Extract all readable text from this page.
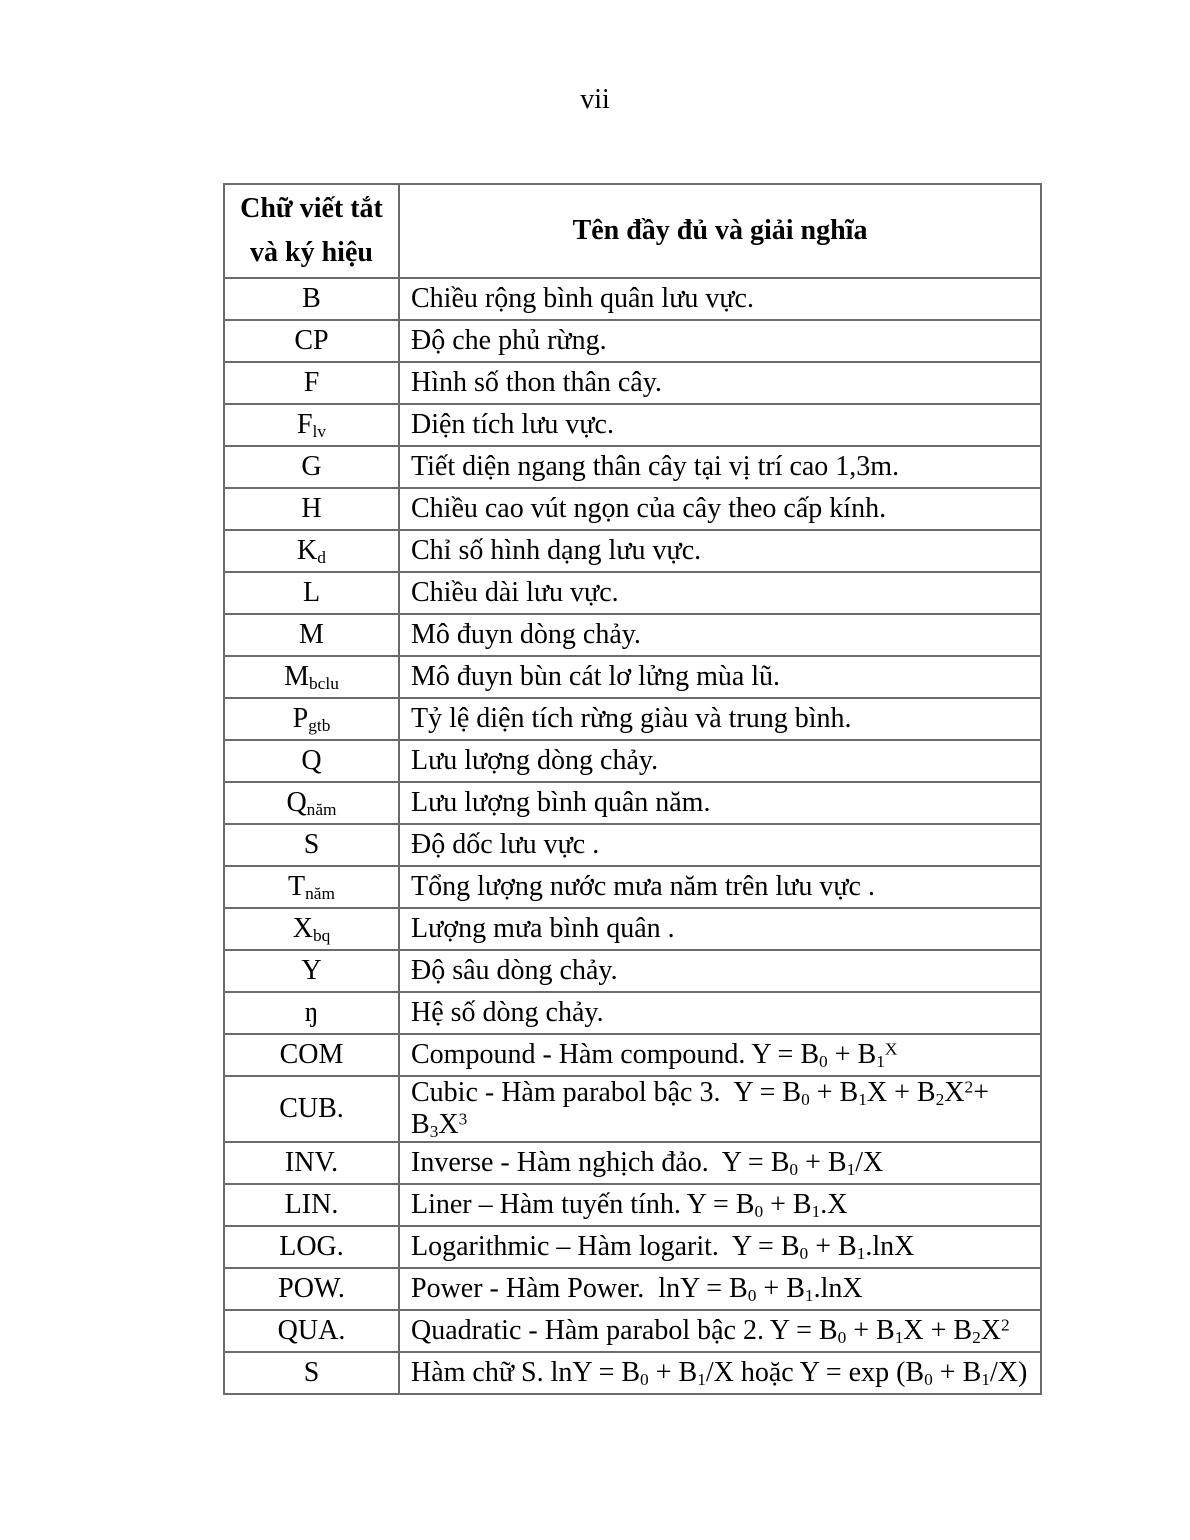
vii
Chữ viết tắt
và ký hiệu	Tên đầy đủ và giải nghĩa
B	Chiều rộng bình quân lưu vực.
CP	Độ che phủ rừng.
F	Hình số thon thân cây.
$F_{lv}$	Diện tích lưu vực.
G	Tiết diện ngang thân cây tại vị trí cao 1,3m.
H	Chiều cao vút ngọn của cây theo cấp kính.
$K_d$	Chỉ số hình dạng lưu vực.
L	Chiều dài lưu vực.
M	Mô đuyn dòng chảy.
$M_{bclu}$	Mô đuyn bùn cát lơ lửng mùa lũ.
$P_{gtb}$	Tỷ lệ diện tích rừng giàu và trung bình.
Q	Lưu lượng dòng chảy.
$Q_{năm}$	Lưu lượng bình quân năm.
S	Độ dốc lưu vực .
$T_{năm}$	Tổng lượng nước mưa năm trên lưu vực .
$X_{bq}$	Lượng mưa bình quân .
Y	Độ sâu dòng chảy.
ŋ	Hệ số dòng chảy.
COM	Compound - Hàm compound. $Y = B_0 + B_1^X$
CUB.	Cubic - Hàm parabol bậc 3.  $Y = B_0 + B_1X + B_2X^2+ B_3X^3$
INV.	Inverse - Hàm nghịch đảo.  $Y = B_0 + B_1/X$
LIN.	Liner – Hàm tuyến tính. $Y = B_0 + B_1.X$
LOG.	Logarithmic – Hàm logarit.  $Y = B_0 + B_1.\ln X$
POW.	Power - Hàm Power.  $\ln Y = B_0 + B_1.\ln X$
QUA.	Quadratic - Hàm parabol bậc 2. $Y = B_0 + B_1X + B_2X^2$
S	Hàm chữ S. $\ln Y = B_0 + B_1/X$ hoặc $Y = \exp (B_0 + B_1/X)$
